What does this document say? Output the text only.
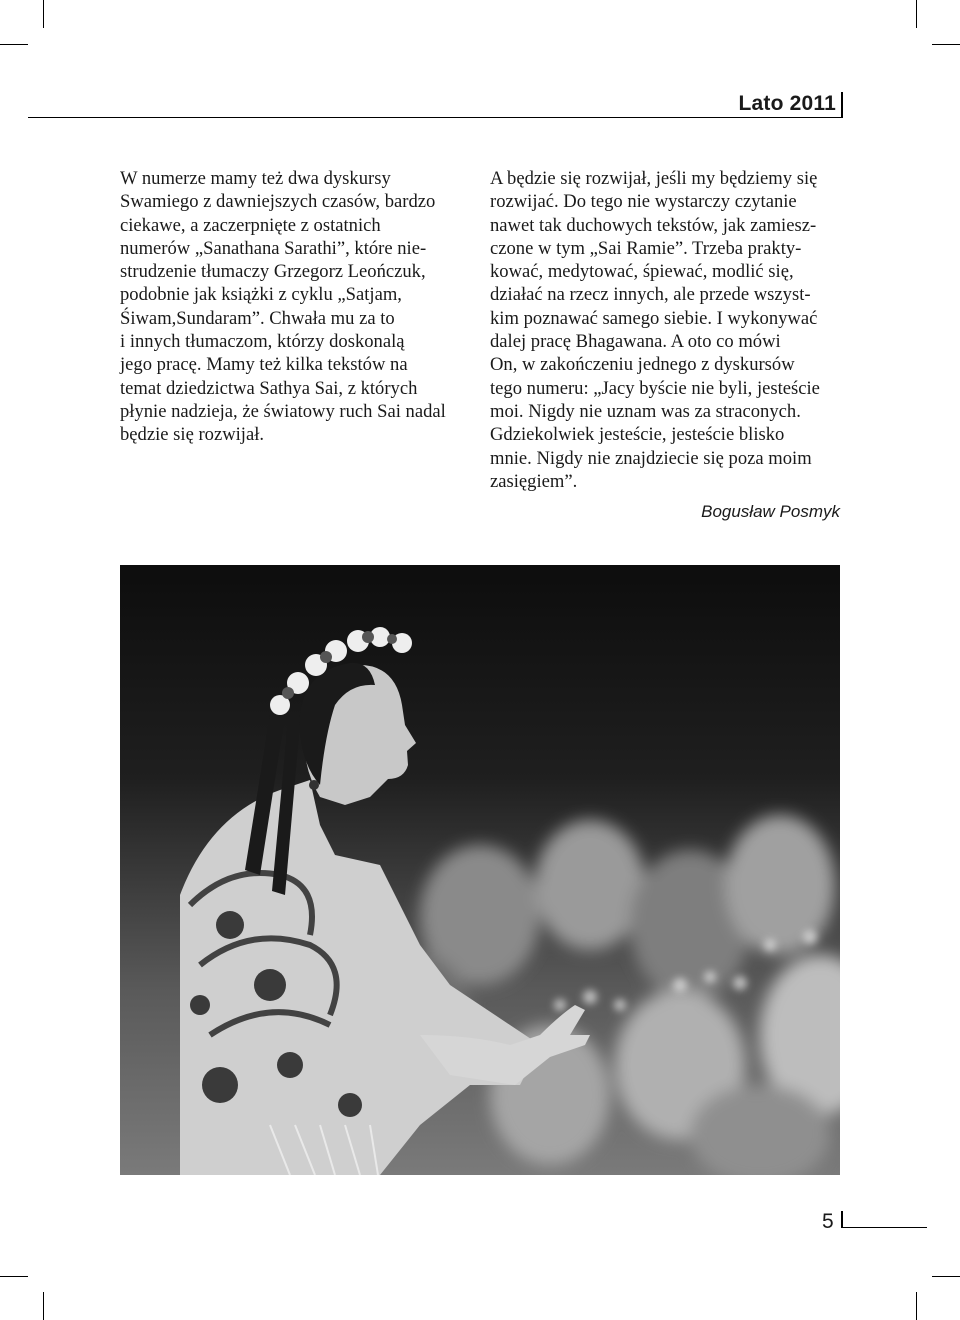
Lato 2011

W numerze mamy też dwa dyskursy

Swamiego z dawniejszych czasów, bardzo

ciekawe, a zaczerpnięte z ostatnich

numerów „Sanathana Sarathi”, które nie-

strudzenie tłumaczy Grzegorz Leończuk,

podobnie jak książki z cyklu „Satjam,

Śiwam,Sundaram”. Chwała mu za to

i innych tłumaczom, którzy doskonalą

jego pracę. Mamy też kilka tekstów na

temat dziedzictwa Sathya Sai, z których

płynie nadzieja, że światowy ruch Sai nadal

będzie się rozwijał.

A będzie się rozwijał, jeśli my będziemy się

rozwijać. Do tego nie wystarczy czytanie

nawet tak duchowych tekstów, jak zamiesz-

czone w tym „Sai Ramie”. Trzeba prakty-

kować, medytować, śpiewać, modlić się,

działać na rzecz innych, ale przede wszyst-

kim poznawać samego siebie. I wykonywać

dalej pracę Bhagawana. A oto co mówi

On, w zakończeniu jednego z dyskursów

tego numeru: „Jacy byście nie byli, jesteście

moi. Nigdy nie uznam was za straconych.

Gdziekolwiek jesteście, jesteście blisko

mnie. Nigdy nie znajdziecie się poza moim

zasięgiem”.

Bogusław Posmyk
5
